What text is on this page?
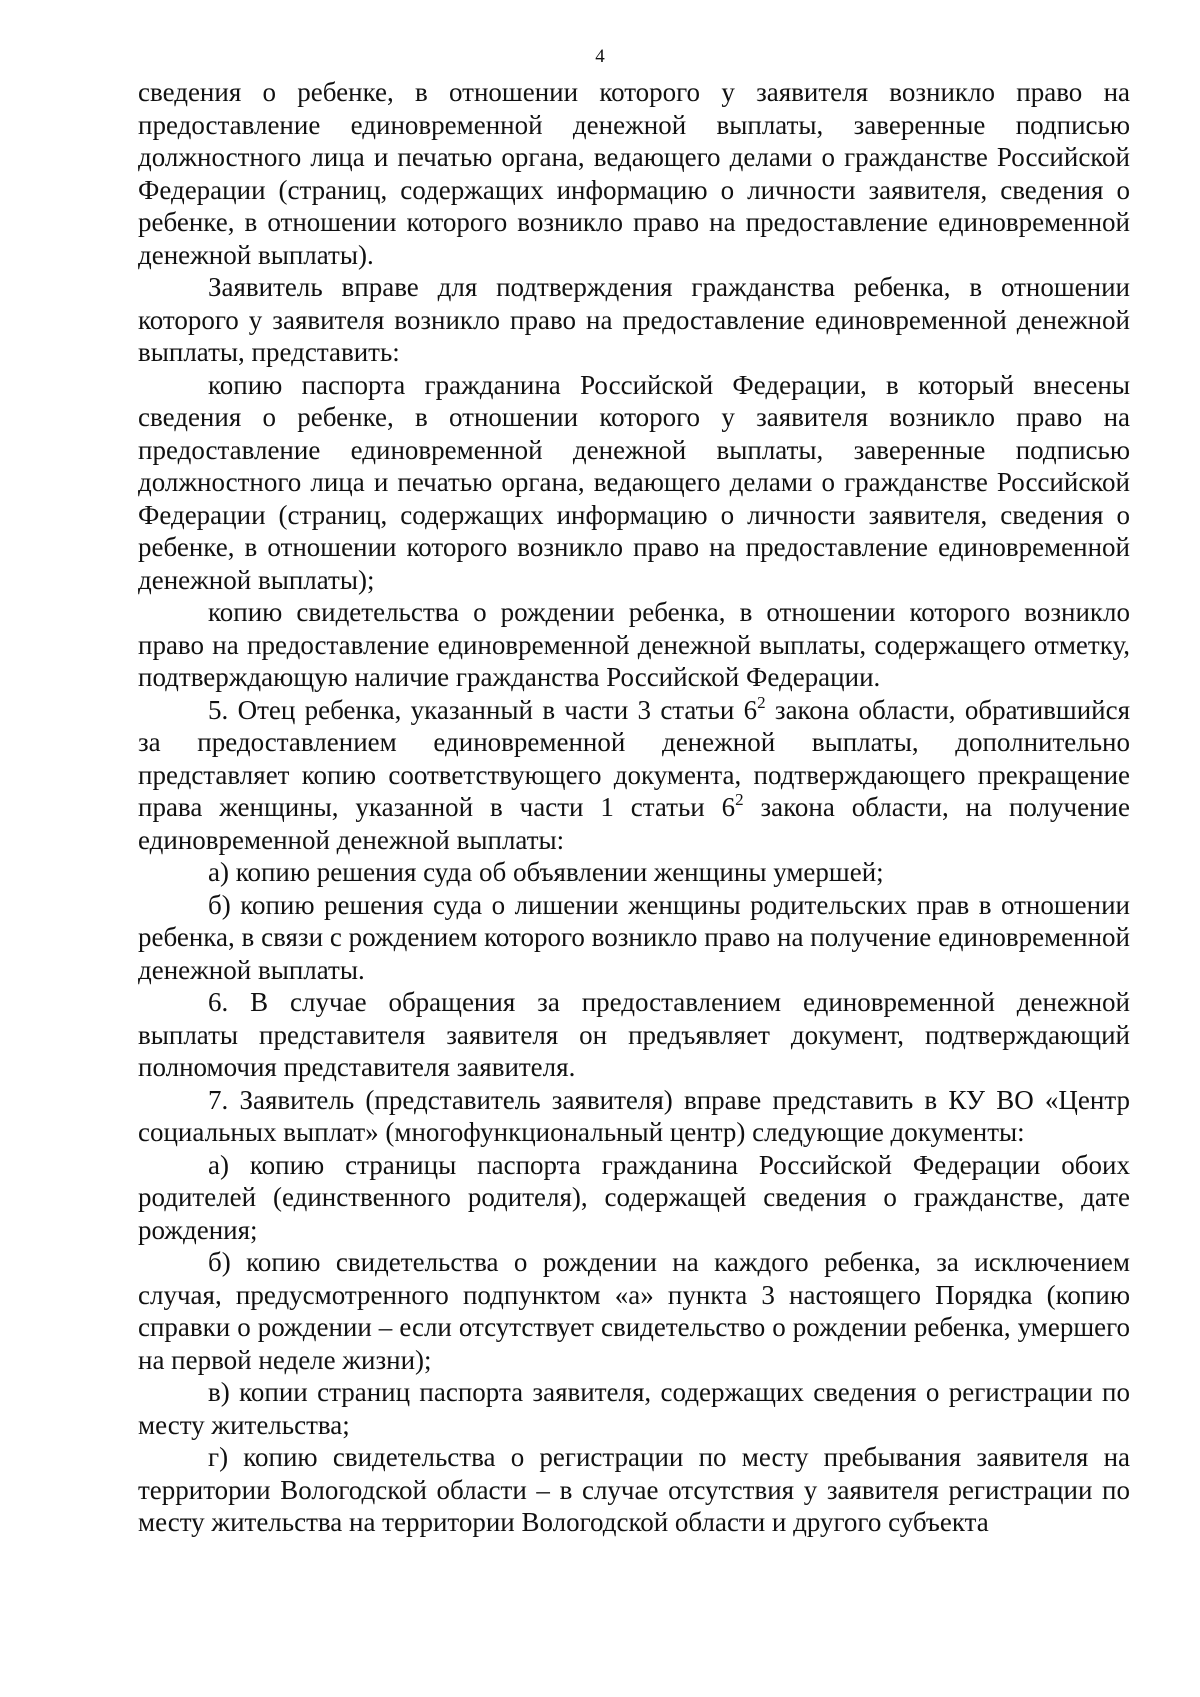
4

сведения о ребенке, в отношении которого у заявителя возникло право на предоставление единовременной денежной выплаты, заверенные подписью должностного лица и печатью органа, ведающего делами о гражданстве Российской Федерации (страниц, содержащих информацию о личности заявителя, сведения о ребенке, в отношении которого возникло право на предоставление единовременной денежной выплаты).

Заявитель вправе для подтверждения гражданства ребенка, в отношении которого у заявителя возникло право на предоставление единовременной денежной выплаты, представить:

копию паспорта гражданина Российской Федерации, в который внесены сведения о ребенке, в отношении которого у заявителя возникло право на предоставление единовременной денежной выплаты, заверенные подписью должностного лица и печатью органа, ведающего делами о гражданстве Российской Федерации (страниц, содержащих информацию о личности заявителя, сведения о ребенке, в отношении которого возникло право на предоставление единовременной денежной выплаты);

копию свидетельства о рождении ребенка, в отношении которого возникло право на предоставление единовременной денежной выплаты, содержащего отметку, подтверждающую наличие гражданства Российской Федерации.

5. Отец ребенка, указанный в части 3 статьи $6^2$ закона области, обратившийся за предоставлением единовременной денежной выплаты, дополнительно представляет копию соответствующего документа, подтверждающего прекращение права женщины, указанной в части 1 статьи $6^2$ закона области, на получение единовременной денежной выплаты:

а) копию решения суда об объявлении женщины умершей;

б) копию решения суда о лишении женщины родительских прав в отношении ребенка, в связи с рождением которого возникло право на получение единовременной денежной выплаты.

6. В случае обращения за предоставлением единовременной денежной выплаты представителя заявителя он предъявляет документ, подтверждающий полномочия представителя заявителя.

7. Заявитель (представитель заявителя) вправе представить в КУ ВО «Центр социальных выплат» (многофункциональный центр) следующие документы:

а) копию страницы паспорта гражданина Российской Федерации обоих родителей (единственного родителя), содержащей сведения о гражданстве, дате рождения;

б) копию свидетельства о рождении на каждого ребенка, за исключением случая, предусмотренного подпунктом «а» пункта 3 настоящего Порядка (копию справки о рождении – если отсутствует свидетельство о рождении ребенка, умершего на первой неделе жизни);

в) копии страниц паспорта заявителя, содержащих сведения о регистрации по месту жительства;

г) копию свидетельства о регистрации по месту пребывания заявителя на территории Вологодской области – в случае отсутствия у заявителя регистрации по месту жительства на территории Вологодской области и другого субъекта
